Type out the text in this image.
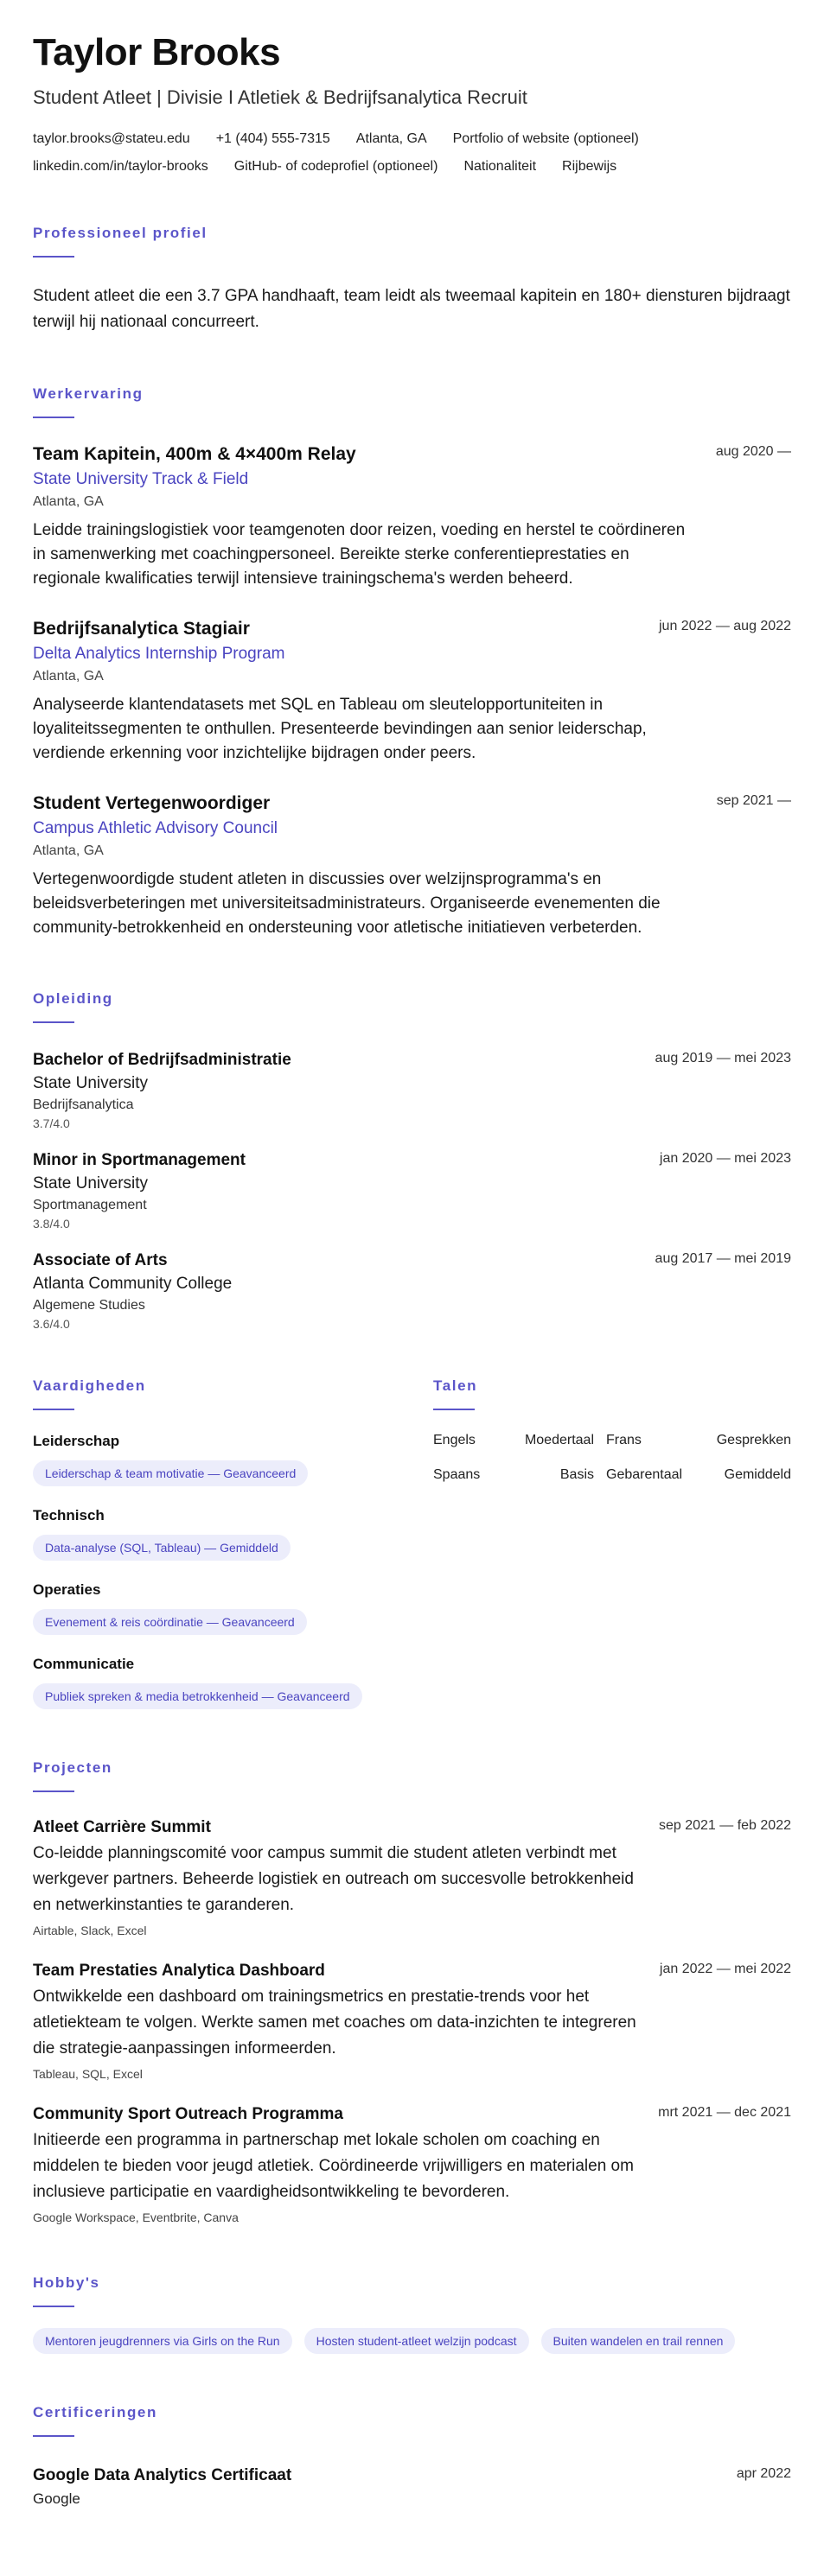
Taylor Brooks
Student Atleet | Divisie I Atletiek & Bedrijfsanalytica Recruit
taylor.brooks@stateu.edu +1 (404) 555-7315 Atlanta, GA Portfolio of website (optioneel)
linkedin.com/in/taylor-brooks GitHub- of codeprofiel (optioneel) Nationaliteit Rijbewijs
Professioneel profiel

Student atleet die een 3.7 GPA handhaaft, team leidt als tweemaal kapitein en 180+ diensturen bijdraagt terwijl hij nationaal concurreert.

Werkervaring
Team Kapitein, 400m & 4×400m Relay	aug 2020 —
State University Track & Field
Atlanta, GA

Leidde trainingslogistiek voor teamgenoten door reizen, voeding en herstel te coördineren in samenwerking met coachingpersoneel. Bereikte sterke conferentieprestaties en regionale kwalificaties terwijl intensieve trainingschema's werden beheerd.

Bedrijfsanalytica Stagiair	jun 2022 — aug 2022
Delta Analytics Internship Program
Atlanta, GA

Analyseerde klantendatasets met SQL en Tableau om sleutelopportuniteiten in loyaliteitssegmenten te onthullen. Presenteerde bevindingen aan senior leiderschap, verdiende erkenning voor inzichtelijke bijdragen onder peers.

Student Vertegenwoordiger	sep 2021 —
Campus Athletic Advisory Council
Atlanta, GA

Vertegenwoordigde student atleten in discussies over welzijnsprogramma's en beleidsverbeteringen met universiteitsadministrateurs. Organiseerde evenementen die community-betrokkenheid en ondersteuning voor atletische initiatieven verbeterden.

Opleiding
Bachelor of Bedrijfsadministratie	aug 2019 — mei 2023
State University
Bedrijfsanalytica
3.7/4.0
Minor in Sportmanagement	jan 2020 — mei 2023
State University
Sportmanagement
3.8/4.0
Associate of Arts	aug 2017 — mei 2019
Atlanta Community College
Algemene Studies
3.6/4.0
Vaardigheden
Leiderschap
Leiderschap & team motivatie — Geavanceerd
Technisch
Data-analyse (SQL, Tableau) — Gemiddeld
Operaties
Evenement & reis coördinatie — Geavanceerd
Communicatie
Publiek spreken & media betrokkenheid — Geavanceerd
Talen
Engels	Moedertaal Frans	Gesprekken
Spaans	Basis Gebarentaal	Gemiddeld
Projecten
Atleet Carrière Summit	sep 2021 — feb 2022

Co-leidde planningscomité voor campus summit die student atleten verbindt met werkgever partners. Beheerde logistiek en outreach om succesvolle betrokkenheid en netwerkinstanties te garanderen.

Airtable, Slack, Excel
Team Prestaties Analytica Dashboard	jan 2022 — mei 2022

Ontwikkelde een dashboard om trainingsmetrics en prestatie-trends voor het atletiekteam te volgen. Werkte samen met coaches om data-inzichten te integreren die strategie-aanpassingen informeerden.

Tableau, SQL, Excel
Community Sport Outreach Programma	mrt 2021 — dec 2021

Initieerde een programma in partnerschap met lokale scholen om coaching en middelen te bieden voor jeugd atletiek. Coördineerde vrijwilligers en materialen om inclusieve participatie en vaardigheidsontwikkeling te bevorderen.

Google Workspace, Eventbrite, Canva
Hobby's
Mentoren jeugdrenners via Girls on the Run	Hosten student-atleet welzijn podcast	Buiten wandelen en trail rennen
Certificeringen
Google Data Analytics Certificaat	apr 2022
Google
